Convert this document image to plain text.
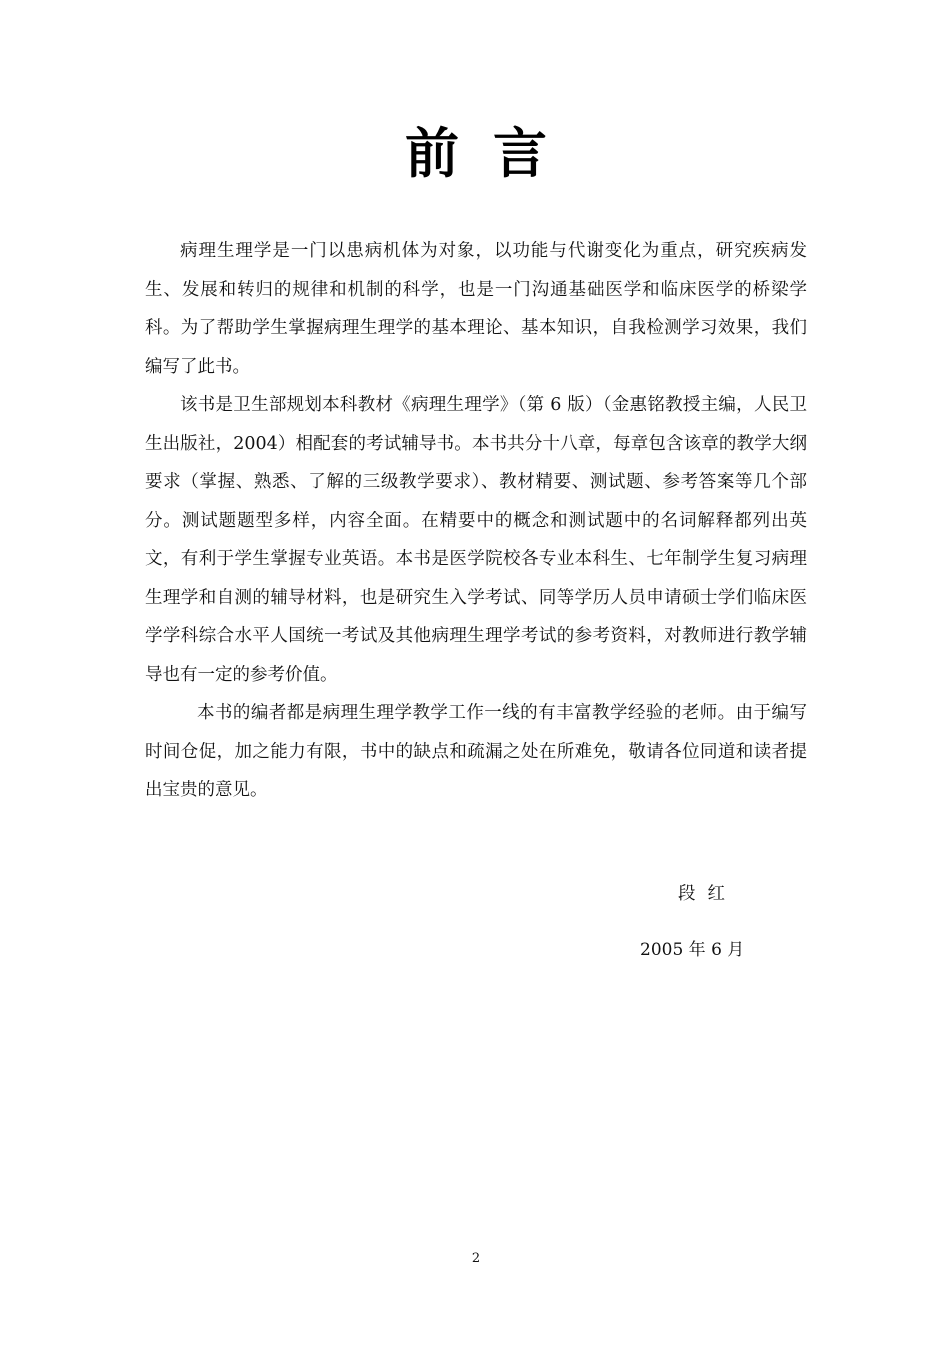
前言

病理生理学是一门以患病机体为对象，以功能与代谢变化为重点，研究疾病发生、发展和转归的规律和机制的科学，也是一门沟通基础医学和临床医学的桥梁学科。为了帮助学生掌握病理生理学的基本理论、基本知识，自我检测学习效果，我们编写了此书。

该书是卫生部规划本科教材《病理生理学》（第 6 版）（金惠铭教授主编，人民卫生出版社，2004）相配套的考试辅导书。本书共分十八章，每章包含该章的教学大纲要求（掌握、熟悉、了解的三级教学要求）、教材精要、测试题、参考答案等几个部分。测试题题型多样，内容全面。在精要中的概念和测试题中的名词解释都列出英文，有利于学生掌握专业英语。本书是医学院校各专业本科生、七年制学生复习病理生理学和自测的辅导材料，也是研究生入学考试、同等学历人员申请硕士学们临床医学学科综合水平人国统一考试及其他病理生理学考试的参考资料，对教师进行教学辅导也有一定的参考价值。

本书的编者都是病理生理学教学工作一线的有丰富教学经验的老师。由于编写时间仓促，加之能力有限，书中的缺点和疏漏之处在所难免，敬请各位同道和读者提出宝贵的意见。

段红
2005 年 6 月
2
